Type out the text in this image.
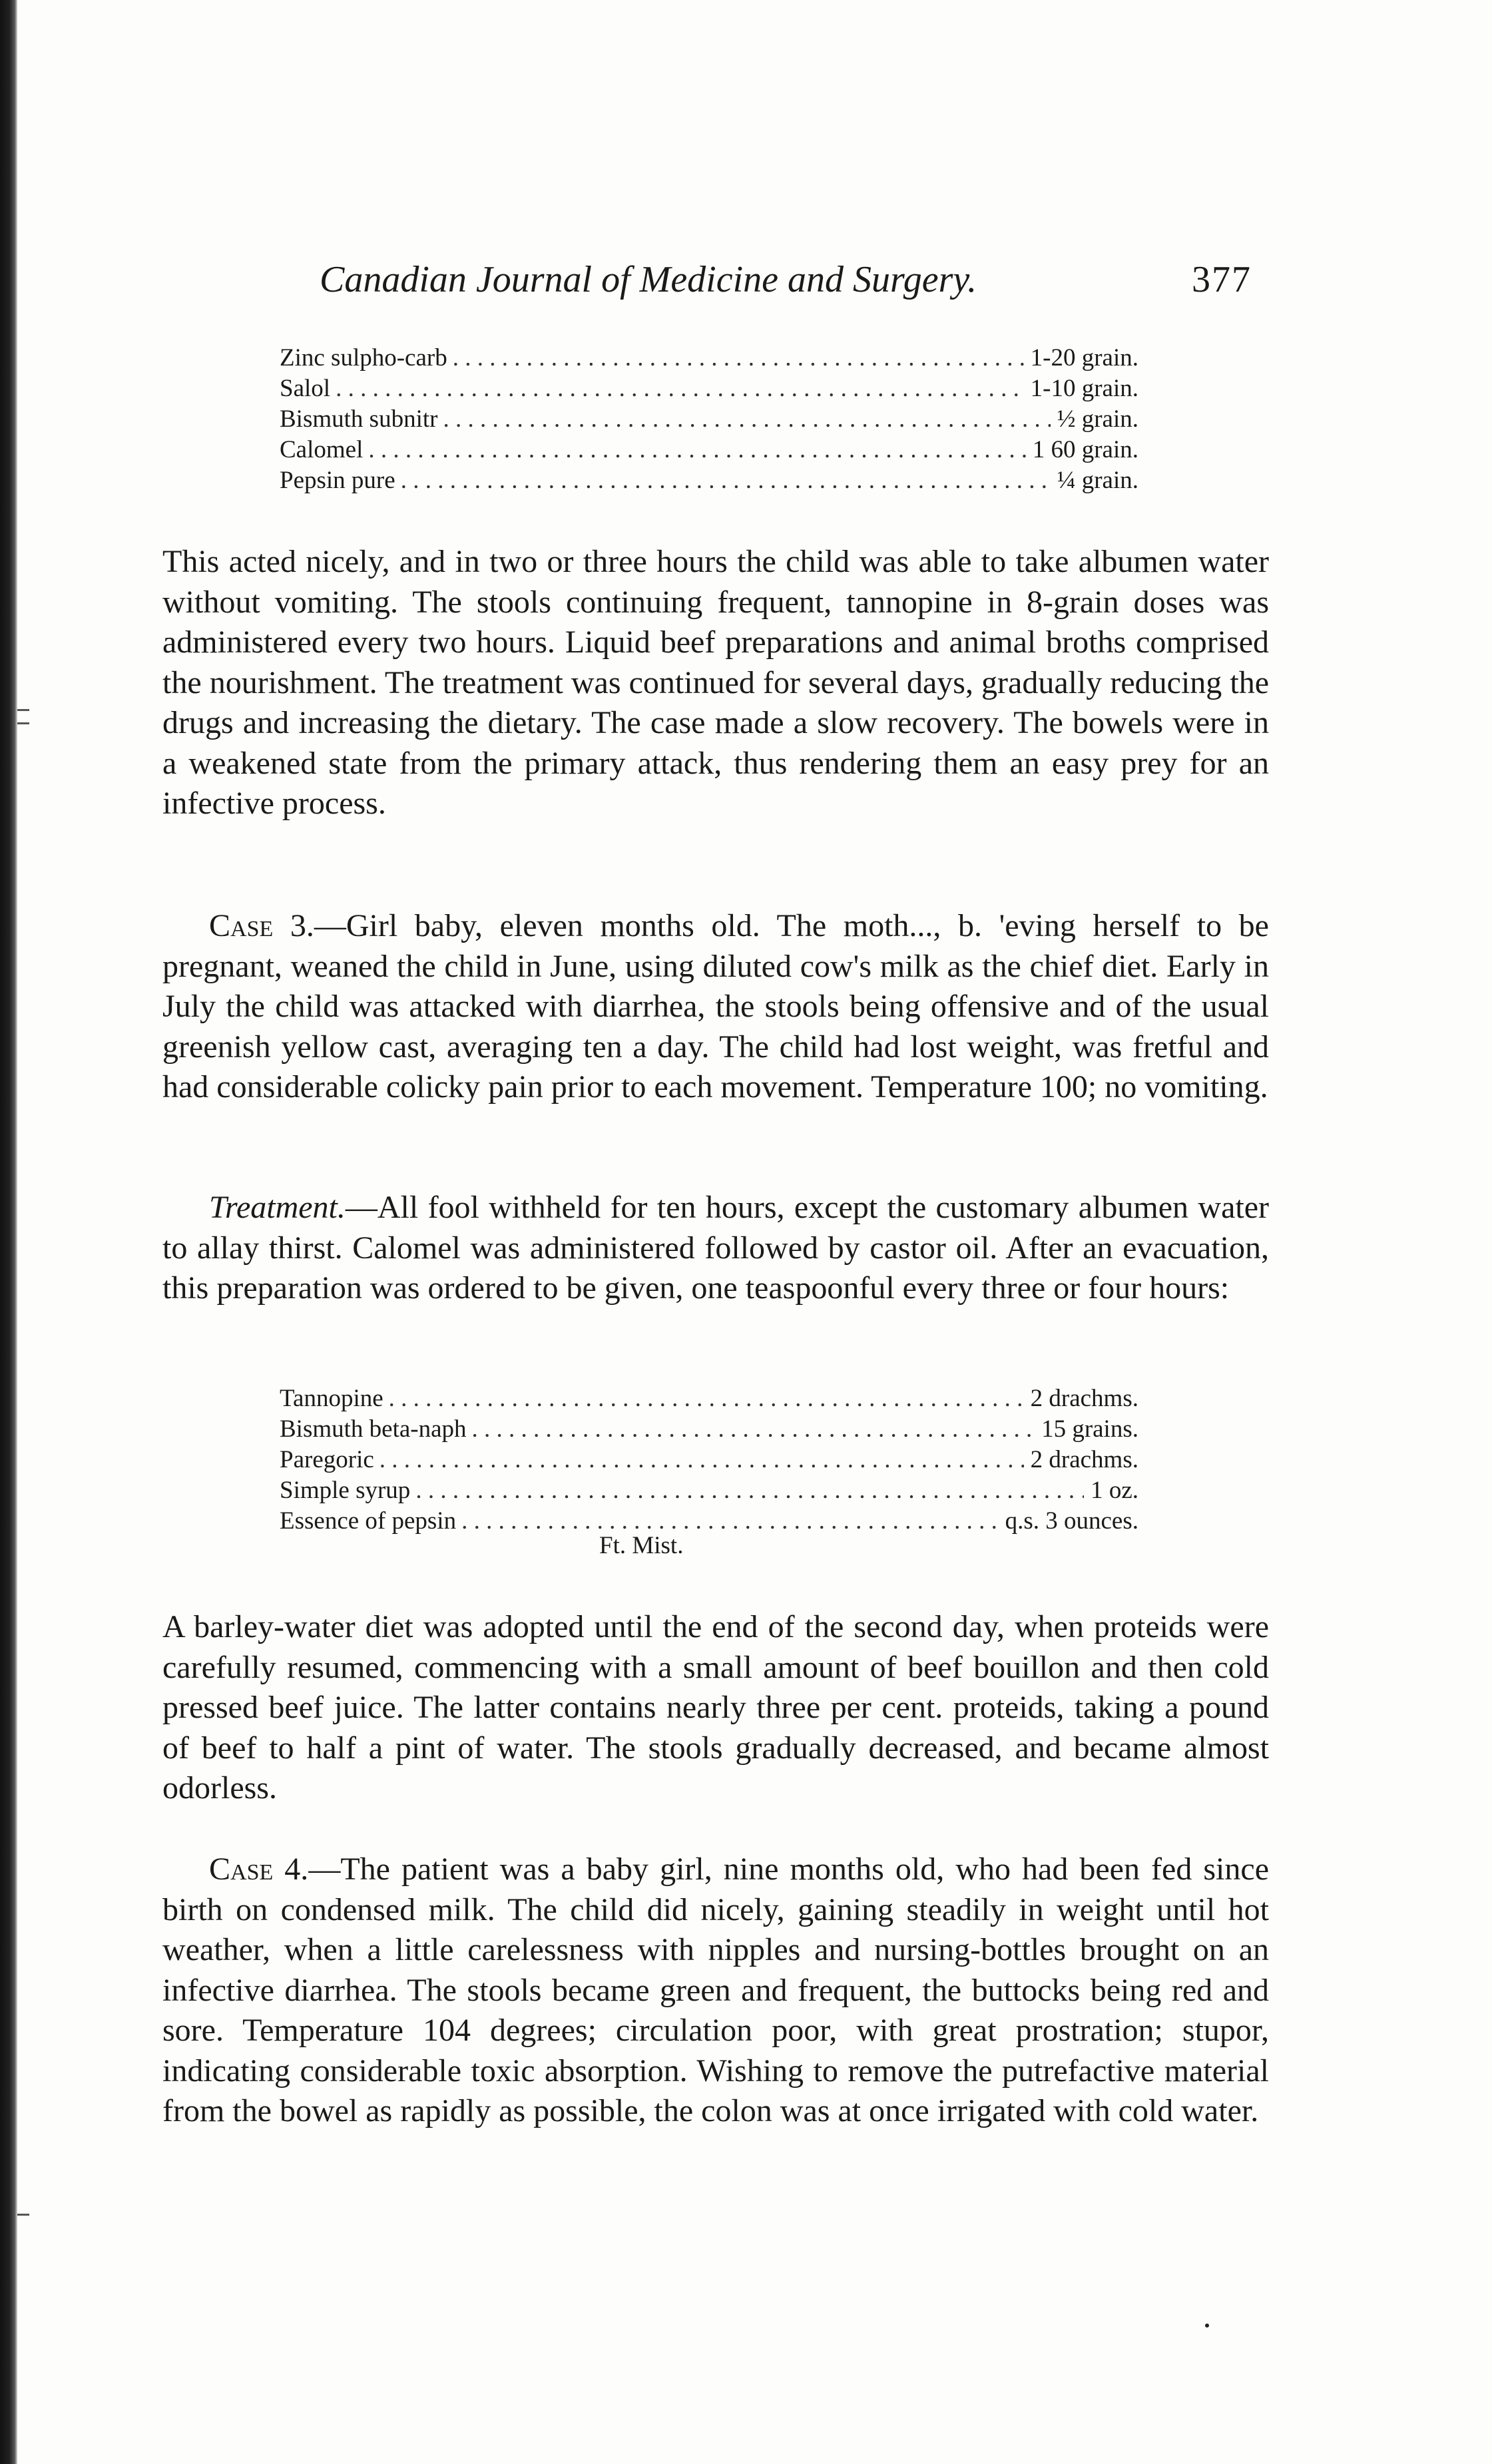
Canadian Journal of Medicine and Surgery.	377
Zinc sulpho-carb . . .	1-20 grain.
Salol . . .	1-10 grain.
Bismuth subnitr . . .	½ grain.
Calomel . . .	1 60 grain.
Pepsin pure . . .	¼ grain.

This acted nicely, and in two or three hours the child was able to take albumen water without vomiting. The stools continuing frequent, tannopine in 8-grain doses was administered every two hours. Liquid beef preparations and animal broths comprised the nourishment. The treatment was continued for several days, gradually reducing the drugs and increasing the dietary. The case made a slow recovery. The bowels were in a weakened state from the primary attack, thus rendering them an easy prey for an infective process.

Case 3.—Girl baby, eleven months old. The moth..., b. 'eving herself to be pregnant, weaned the child in June, using diluted cow's milk as the chief diet. Early in July the child was attacked with diarrhea, the stools being offensive and of the usual greenish yellow cast, averaging ten a day. The child had lost weight, was fretful and had considerable colicky pain prior to each movement. Temperature 100; no vomiting.

Treatment.—All fool withheld for ten hours, except the customary albumen water to allay thirst. Calomel was administered followed by castor oil. After an evacuation, this preparation was ordered to be given, one teaspoonful every three or four hours:

Tannopine . . .	2 drachms.
Bismuth beta-naph . . .	15 grains.
Paregoric . . .	2 drachms.
Simple syrup . . .	1 oz.
Essence of pepsin . . .	q.s. 3 ounces.
Ft. Mist.

A barley-water diet was adopted until the end of the second day, when proteids were carefully resumed, commencing with a small amount of beef bouillon and then cold pressed beef juice. The latter contains nearly three per cent. proteids, taking a pound of beef to half a pint of water. The stools gradually decreased, and became almost odorless.

Case 4.—The patient was a baby girl, nine months old, who had been fed since birth on condensed milk. The child did nicely, gaining steadily in weight until hot weather, when a little carelessness with nipples and nursing-bottles brought on an infective diarrhea. The stools became green and frequent, the buttocks being red and sore. Temperature 104 degrees; circulation poor, with great prostration; stupor, indicating considerable toxic absorption. Wishing to remove the putrefactive material from the bowel as rapidly as possible, the colon was at once irrigated with cold water.
